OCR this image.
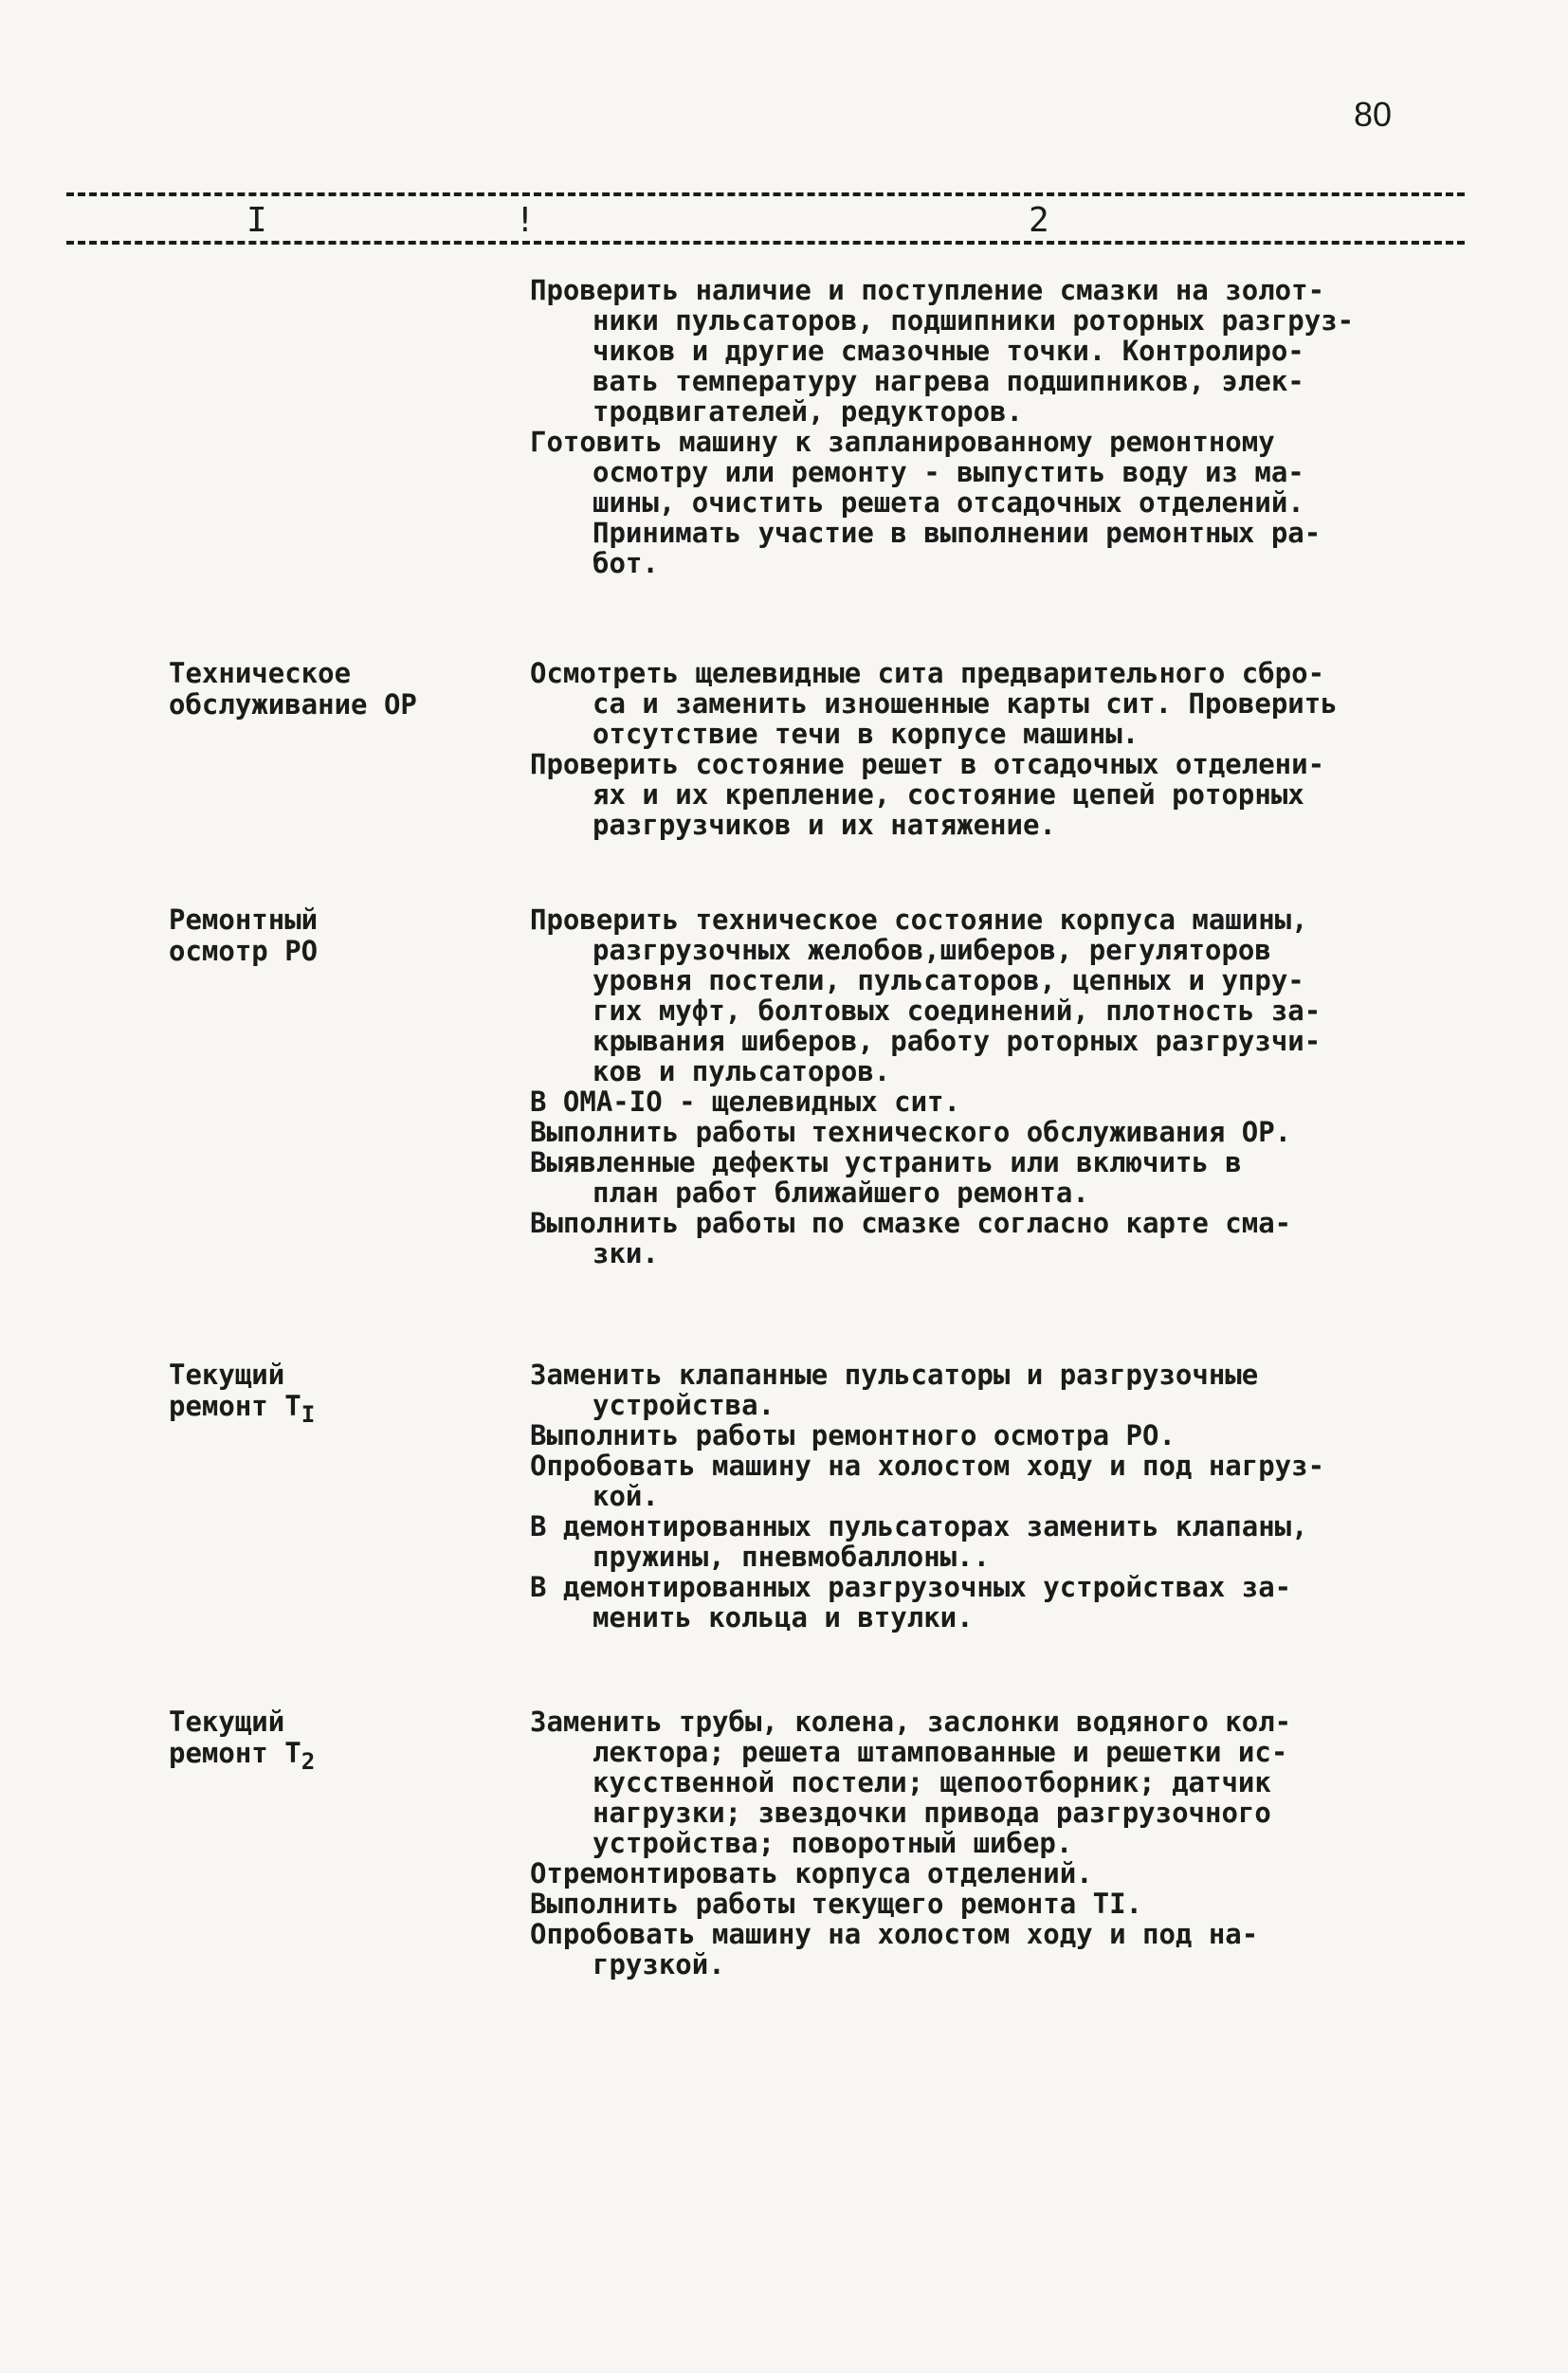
80
I	!	2

Проверить наличие и поступление смазки на золот-
ники пульсаторов, подшипники роторных разгруз-
чиков и другие смазочные точки. Контролиро-
вать температуру нагрева подшипников, элек-
тродвигателей, редукторов.

Готовить машину к запланированному ремонтному
осмотру или ремонту - выпустить воду из ма-
шины, очистить решета отсадочных отделений.
Принимать участие в выполнении ремонтных ра-
бот.

Техническое
обслуживание ОР

Осмотреть щелевидные сита предварительного сбро-
са и заменить изношенные карты сит. Проверить
отсутствие течи в корпусе машины.

Проверить состояние решет в отсадочных отделени-
ях и их крепление, состояние цепей роторных
разгрузчиков и их натяжение.

Ремонтный
осмотр РО

Проверить техническое состояние корпуса машины,
разгрузочных желобов,шиберов, регуляторов
уровня постели, пульсаторов, цепных и упру-
гих муфт, болтовых соединений, плотность за-
крывания шиберов, работу роторных разгрузчи-
ков и пульсаторов.

В ОМА-IO - щелевидных сит.

Выполнить работы технического обслуживания ОР.

Выявленные дефекты устранить или включить в
план работ ближайшего ремонта.

Выполнить работы по смазке согласно карте сма-
зки.

Текущий
ремонт $Т_I$

Заменить клапанные пульсаторы и разгрузочные
устройства.

Выполнить работы ремонтного осмотра РО.

Опробовать машину на холостом ходу и под нагруз-
кой.

В демонтированных пульсаторах заменить клапаны,
пружины, пневмобаллоны..

В демонтированных разгрузочных устройствах за-
менить кольца и втулки.

Текущий
ремонт $Т_2$

Заменить трубы, колена, заслонки водяного кол-
лектора; решета штампованные и решетки ис-
кусственной постели; щепоотборник; датчик
нагрузки; звездочки привода разгрузочного
устройства; поворотный шибер.

Отремонтировать корпуса отделений.

Выполнить работы текущего ремонта ТI.

Опробовать машину на холостом ходу и под на-
грузкой.
